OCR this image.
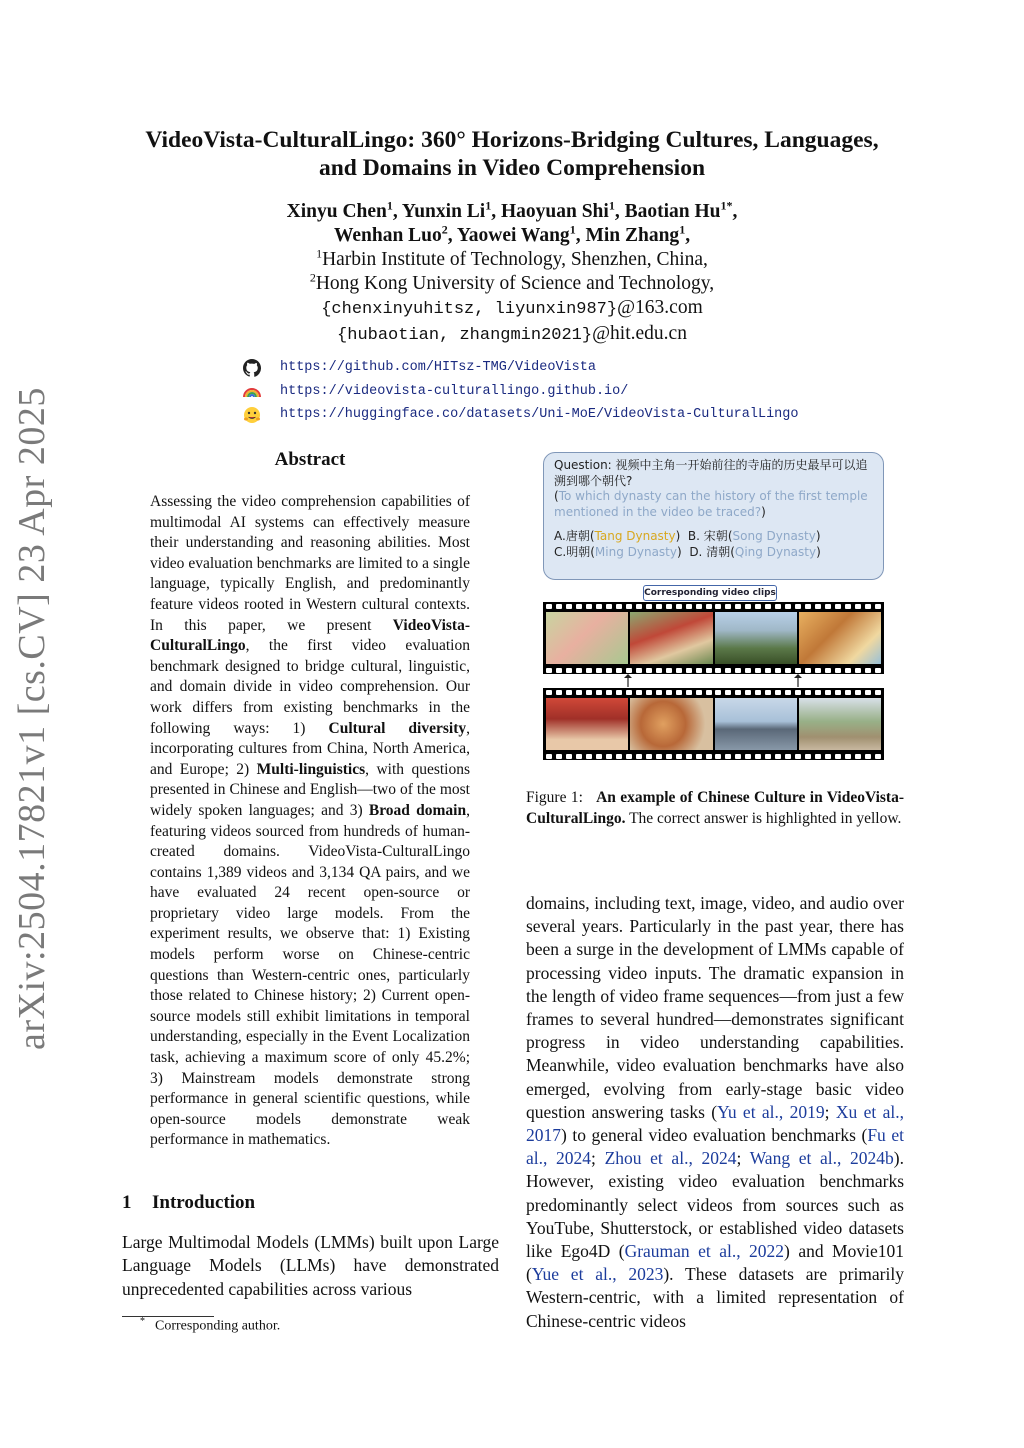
arXiv:2504.17821v1 [cs.CV] 23 Apr 2025
VideoVista-CulturalLingo: 360° Horizons-Bridging Cultures, Languages,
and Domains in Video Comprehension
Xinyu Chen$^1$, Yunxin Li$^1$, Haoyuan Shi$^1$, Baotian $Hu^{1*}$,
Wenhan Luo$^2$, Yaowei Wang$^1$, Min Zhang$^1$,
$^1$Harbin Institute of Technology, Shenzhen, China,
$^2$Hong Kong University of Science and Technology,
{chenxinyuhitsz, liyunxin987}@163.com
{hubaotian, zhangmin2021}@hit.edu.cn
https://github.com/HITsz-TMG/VideoVista
https://videovista-culturallingo.github.io/
https://huggingface.co/datasets/Uni-MoE/VideoVista-CulturalLingo
Abstract
Assessing the video comprehension capabilities of multimodal AI systems can effectively measure their understanding and reasoning abilities. Most video evaluation benchmarks are limited to a single language, typically English, and predominantly feature videos rooted in Western cultural contexts. In this paper, we present VideoVista-CulturalLingo, the first video evaluation benchmark designed to bridge cultural, linguistic, and domain divide in video comprehension. Our work differs from existing benchmarks in the following ways: 1) Cultural diversity, incorporating cultures from China, North America, and Europe; 2) Multi-linguistics, with questions presented in Chinese and English—two of the most widely spoken languages; and 3) Broad domain, featuring videos sourced from hundreds of human-created domains. VideoVista-CulturalLingo contains 1,389 videos and 3,134 QA pairs, and we have evaluated 24 recent open-source or proprietary video large models. From the experiment results, we observe that: 1) Existing models perform worse on Chinese-centric questions than Western-centric ones, particularly those related to Chinese history; 2) Current open-source models still exhibit limitations in temporal understanding, especially in the Event Localization task, achieving a maximum score of only 45.2%; 3) Mainstream models demonstrate strong performance in general scientific questions, while open-source models demonstrate weak performance in mathematics.
1 Introduction
Large Multimodal Models (LMMs) built upon Large Language Models (LLMs) have demonstrated unprecedented capabilities across various
* Corresponding author.
Question: 视频中主角一开始前往的寺庙的历史最早可以追溯到哪个朝代?
(To which dynasty can the history of the first temple mentioned in the video be traced?)
A.唐朝(Tang Dynasty)  B. 宋朝(Song Dynasty)
C.明朝(Ming Dynasty)  D. 清朝(Qing Dynasty)
Corresponding video clips
Figure 1: An example of Chinese Culture in VideoVista-CulturalLingo. The correct answer is highlighted in yellow.
domains, including text, image, video, and audio over several years. Particularly in the past year, there has been a surge in the development of LMMs capable of processing video inputs. The dramatic expansion in the length of video frame sequences—from just a few frames to several hundred—demonstrates significant progress in video understanding capabilities. Meanwhile, video evaluation benchmarks have also emerged, evolving from early-stage basic video question answering tasks (Yu et al., 2019; Xu et al., 2017) to general video evaluation benchmarks (Fu et al., 2024; Zhou et al., 2024; Wang et al., 2024b). However, existing video evaluation benchmarks predominantly select videos from sources such as YouTube, Shutterstock, or established video datasets like Ego4D (Grauman et al., 2022) and Movie101 (Yue et al., 2023). These datasets are primarily Western-centric, with a limited representation of Chinese-centric videos
